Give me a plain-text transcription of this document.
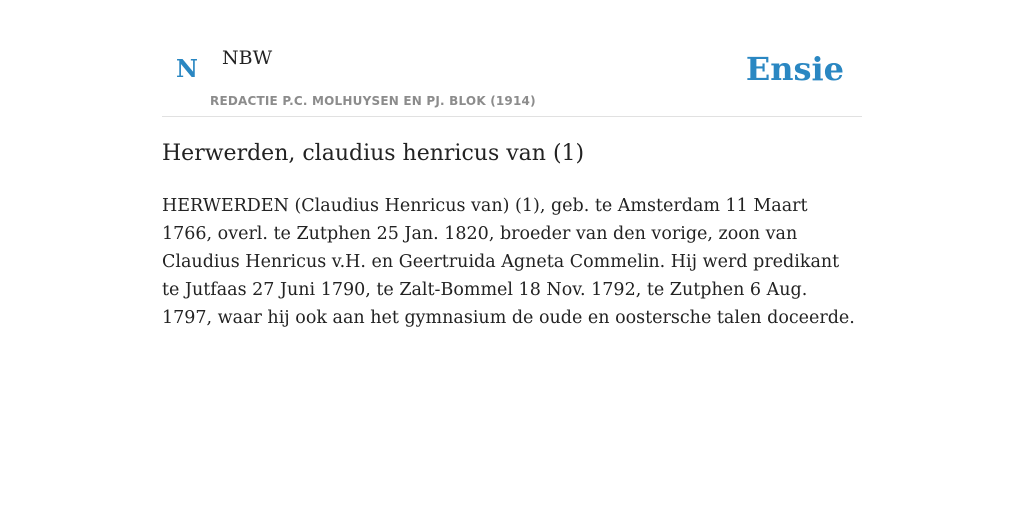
N NBW
REDACTIE P.C. MOLHUYSEN EN PJ. BLOK (1914)
Ensie
Herwerden, claudius henricus van (1)

HERWERDEN (Claudius Henricus van) (1), geb. te Amsterdam 11 Maart 1766, overl. te Zutphen 25 Jan. 1820, broeder van den vorige, zoon van Claudius Henricus v.H. en Geertruida Agneta Commelin. Hij werd predikant te Jutfaas 27 Juni 1790, te Zalt-Bommel 18 Nov. 1792, te Zutphen 6 Aug. 1797, waar hij ook aan het gymnasium de oude en oostersche talen doceerde.
